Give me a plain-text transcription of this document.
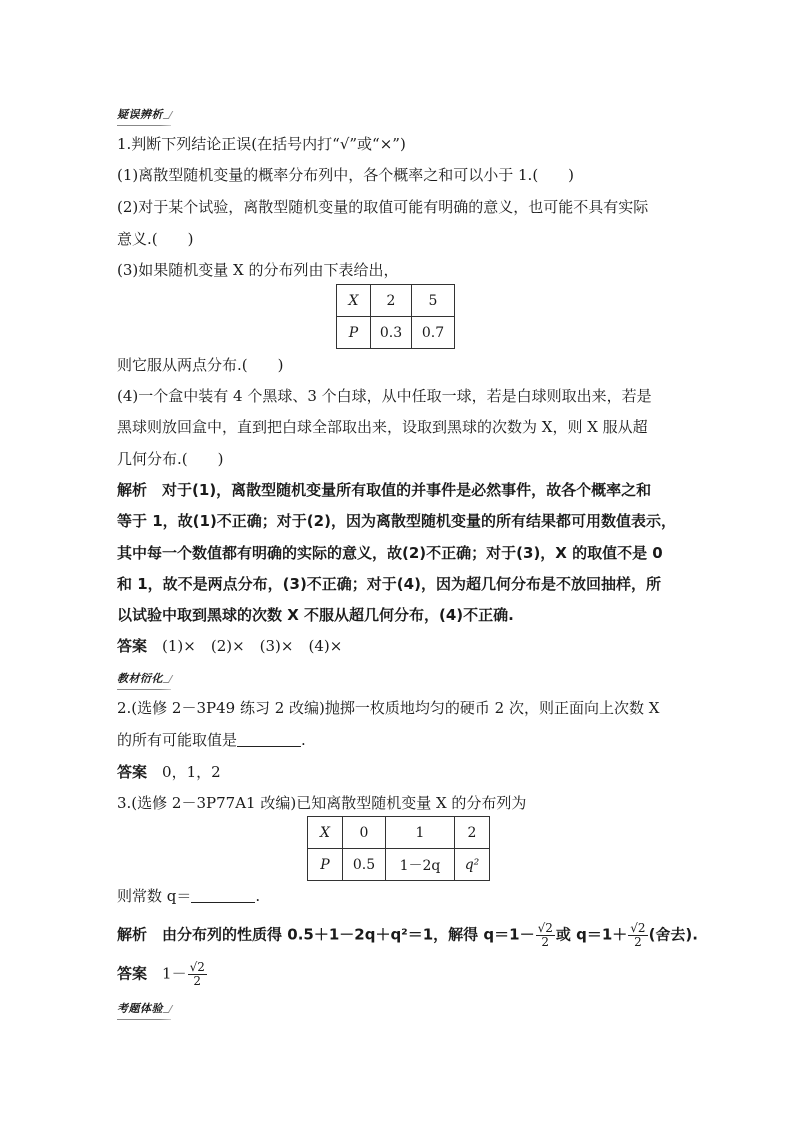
疑误辨析
1.判断下列结论正误(在括号内打“√”或“×”)
(1)离散型随机变量的概率分布列中，各个概率之和可以小于 1.(　　)
(2)对于某个试验，离散型随机变量的取值可能有明确的意义，也可能不具有实际
意义.(　　)
(3)如果随机变量 X 的分布列由下表给出，
X	2	5
P	0.3	0.7
则它服从两点分布.(　　)
(4)一个盒中装有 4 个黑球、3 个白球，从中任取一球，若是白球则取出来，若是
黑球则放回盒中，直到把白球全部取出来，设取到黑球的次数为 X，则 X 服从超
几何分布.(　　)
解析　 对于(1)，离散型随机变量所有取值的并事件是必然事件，故各个概率之和
等于 1，故(1)不正确；对于(2)，因为离散型随机变量的所有结果都可用数值表示，
其中每一个数值都有明确的实际的意义，故(2)不正确；对于(3)，X 的取值不是 0
和 1，故不是两点分布，(3)不正确；对于(4)，因为超几何分布是不放回抽样，所
以试验中取到黑球的次数 X 不服从超几何分布，(4)不正确.
答案　 (1)×　(2)×　(3)×　(4)×
教材衍化
2.(选修 2－3P49 练习 2 改编)抛掷一枚质地均匀的硬币 2 次，则正面向上次数 X
的所有可能取值是	.
答案　 0，1，2
3.(选修 2－3P77A1 改编)已知离散型随机变量 X 的分布列为
X	0	1	2
P	0.5	1－2q	q²
则常数 q＝	.
解析　 由分布列的性质得 0.5＋1－2q＋q²＝1，解得 $q=1- \frac{√2}{2}$ 或 $q=1+ \frac{√2}{2}$ (舍去).
答案　 $1- \frac{√2}{2}$
考题体验
